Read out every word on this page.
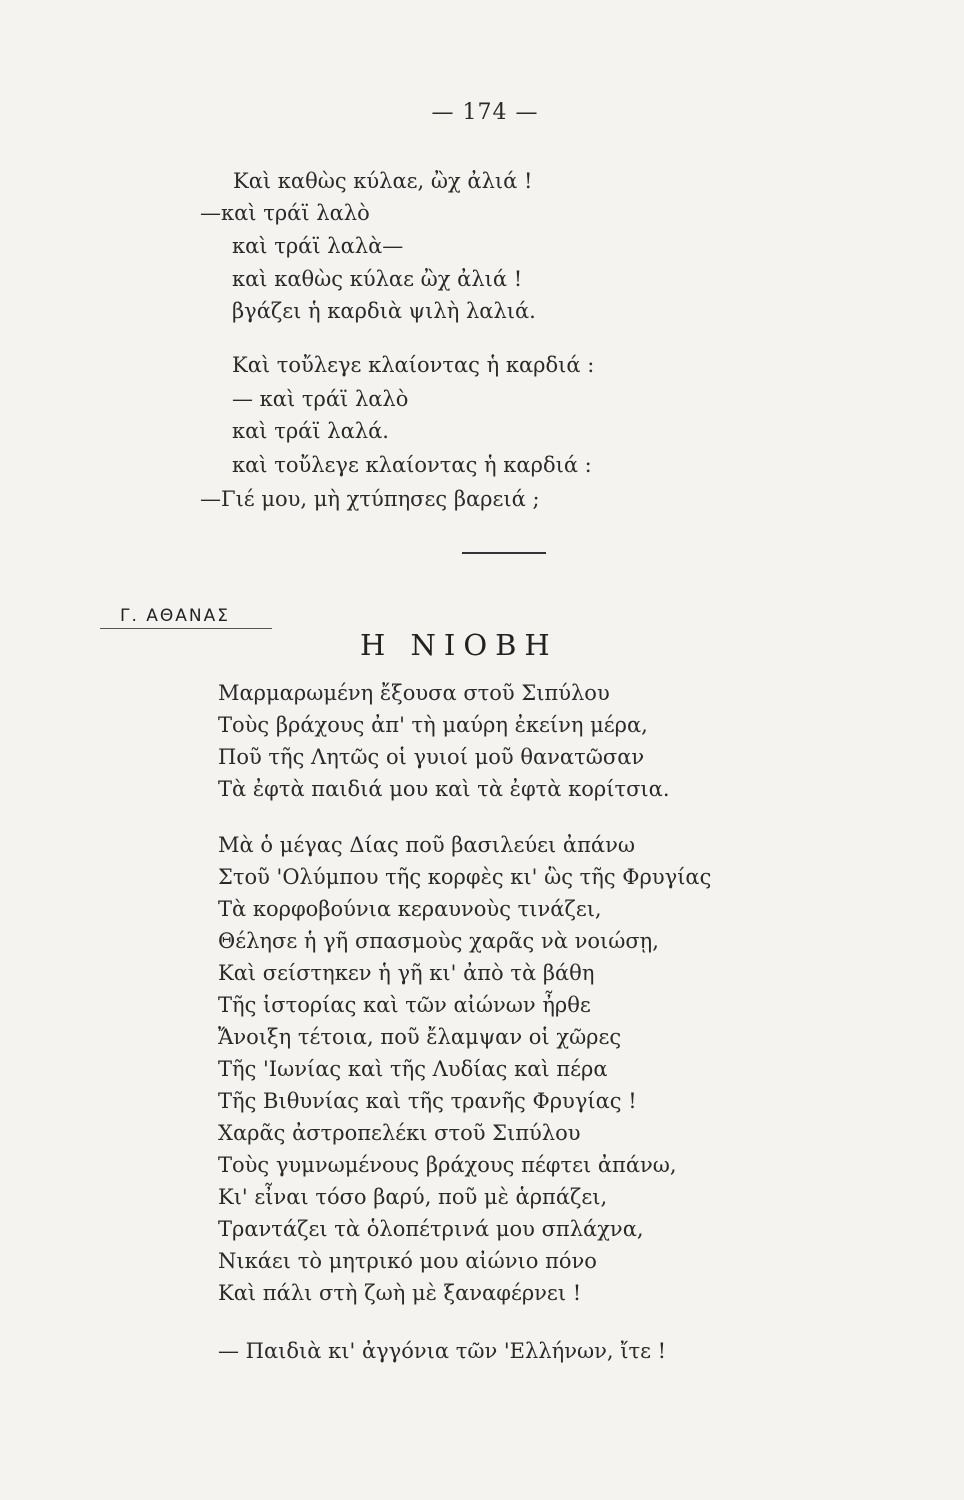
— 174 —
Καὶ καθὼς κύλαε, ὢχ ἀλιά !
—καὶ τράϊ λαλὸ
καὶ τράϊ λαλὰ—
καὶ καθὼς κύλαε ὢχ ἀλιά !
βγάζει ἡ καρδιὰ ψιλὴ λαλιά.
Καὶ τοὔλεγε κλαίοντας ἡ καρδιά :
— καὶ τράϊ λαλὸ
καὶ τράϊ λαλά.
καὶ τοὔλεγε κλαίοντας ἡ καρδιά :
—Γιέ μου, μὴ χτύπησες βαρειά ;
Γ. ΑΘΑΝΑΣ
Η ΝΙΟΒΗ
Μαρμαρωμένη ἔξουσα στοῦ Σιπύλου
Τοὺς βράχους ἀπ' τὴ μαύρη ἐκείνη μέρα,
Ποῦ τῆς Λητῶς οἱ γυιοί μοῦ θανατῶσαν
Τὰ ἐφτὰ παιδιά μου καὶ τὰ ἐφτὰ κορίτσια.
Μὰ ὁ μέγας Δίας ποῦ βασιλεύει ἀπάνω
Στοῦ 'Ολύμπου τῆς κορφὲς κι' ὣς τῆς Φρυγίας
Τὰ κορφοβούνια κεραυνοὺς τινάζει,
Θέλησε ἡ γῆ σπασμοὺς χαρᾶς νὰ νοιώσῃ,
Καὶ σείστηκεν ἡ γῆ κι' ἀπὸ τὰ βάθη
Τῆς ἱστορίας καὶ τῶν αἰώνων ἦρθε
Ἄνοιξη τέτοια, ποῦ ἔλαμψαν οἱ χῶρες
Τῆς 'Ιωνίας καὶ τῆς Λυδίας καὶ πέρα
Τῆς Βιθυνίας καὶ τῆς τρανῆς Φρυγίας !
Χαρᾶς ἀστροπελέκι στοῦ Σιπύλου
Τοὺς γυμνωμένους βράχους πέφτει ἀπάνω,
Κι' εἶναι τόσο βαρύ, ποῦ μὲ ἁρπάζει,
Τραντάζει τὰ ὁλοπέτρινά μου σπλάχνα,
Νικάει τὸ μητρικό μου αἰώνιο πόνο
Καὶ πάλι στὴ ζωὴ μὲ ξαναφέρνει !
— Παιδιὰ κι' ἀγγόνια τῶν 'Ελλήνων, ἴτε !
